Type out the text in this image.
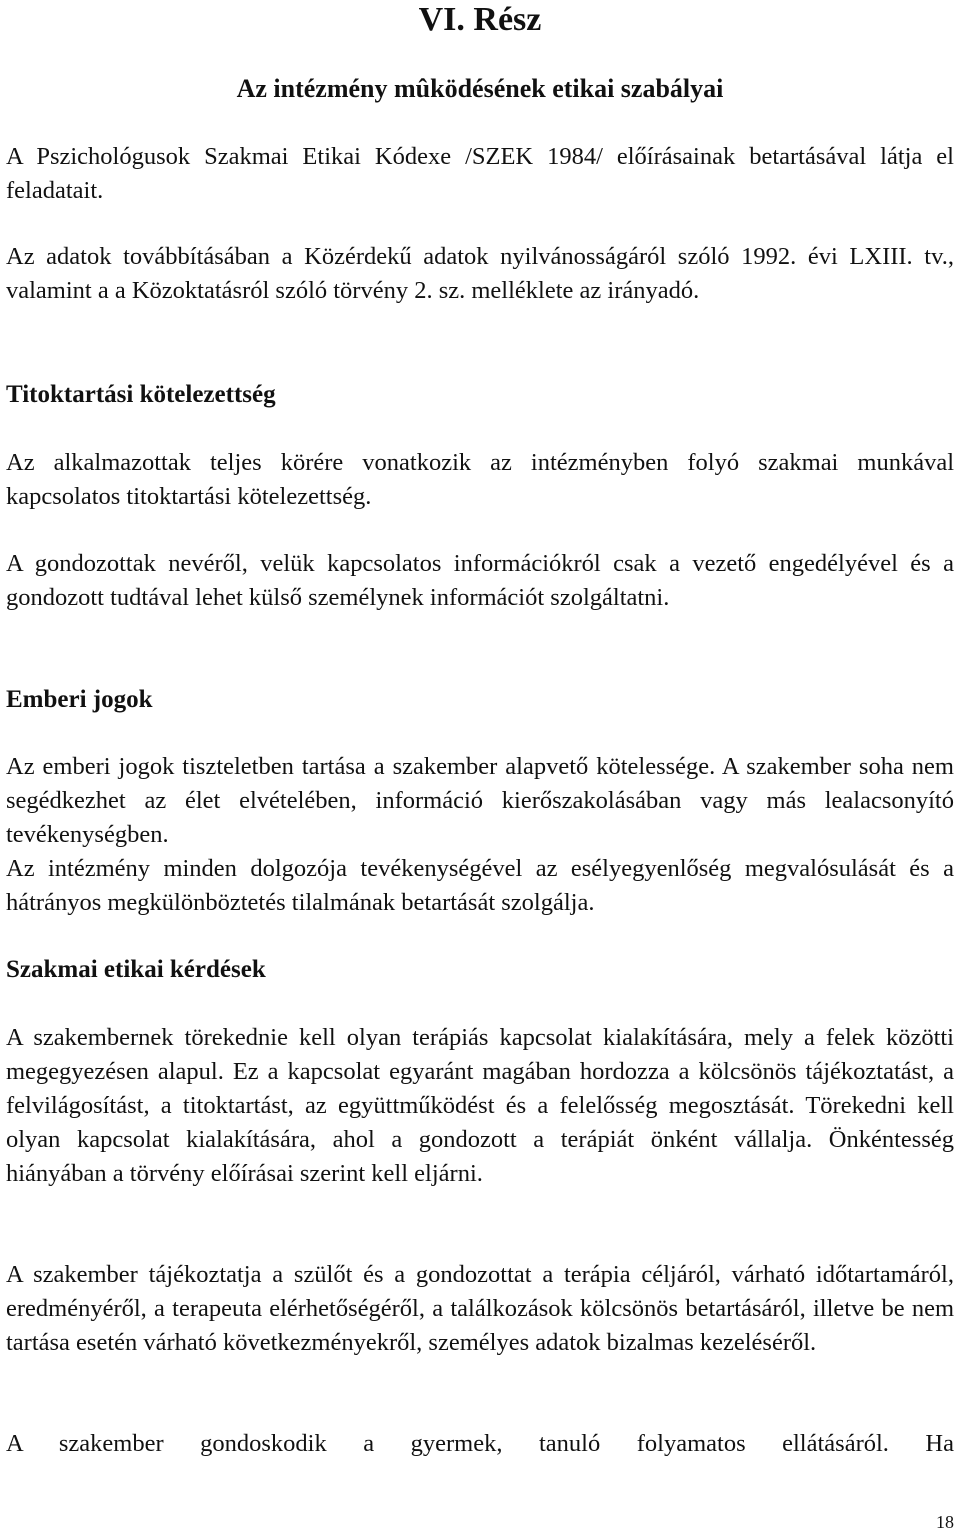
VI. Rész
Az intézmény mûködésének etikai szabályai
A Pszichológusok Szakmai Etikai Kódexe /SZEK 1984/ előírásainak betartásával látja el feladatait.
Az adatok továbbításában a Közérdekű adatok nyilvánosságáról szóló 1992. évi LXIII. tv., valamint a a Közoktatásról szóló törvény 2. sz. melléklete az irányadó.
Titoktartási kötelezettség
Az alkalmazottak teljes körére vonatkozik az intézményben folyó szakmai munkával kapcsolatos titoktartási kötelezettség.
A gondozottak nevéről, velük kapcsolatos információkról csak a vezető engedélyével és a gondozott tudtával lehet külső személynek információt szolgáltatni.
Emberi jogok
Az emberi jogok tiszteletben tartása a szakember alapvető kötelessége. A szakember soha nem segédkezhet az élet elvételében, információ kierőszakolásában vagy más lealacsonyító tevékenységben.
Az intézmény minden dolgozója tevékenységével az esélyegyenlőség megvalósulását és a hátrányos megkülönböztetés tilalmának betartását szolgálja.
Szakmai etikai kérdések
A szakembernek törekednie kell olyan terápiás kapcsolat kialakítására, mely a felek közötti megegyezésen alapul. Ez a kapcsolat egyaránt magában hordozza a kölcsönös tájékoztatást, a felvilágosítást, a titoktartást, az együttműködést és a felelősség megosztását. Törekedni kell olyan kapcsolat kialakítására, ahol a gondozott a terápiát önként vállalja. Önkéntesség hiányában a törvény előírásai szerint kell eljárni.
A szakember tájékoztatja a szülőt és a gondozottat a terápia céljáról, várható időtartamáról, eredményéről, a terapeuta elérhetőségéről, a találkozások kölcsönös betartásáról, illetve be nem tartása esetén várható következményekről, személyes adatok bizalmas kezeléséről.
A szakember gondoskodik a gyermek, tanuló folyamatos ellátásáról. Ha
18
